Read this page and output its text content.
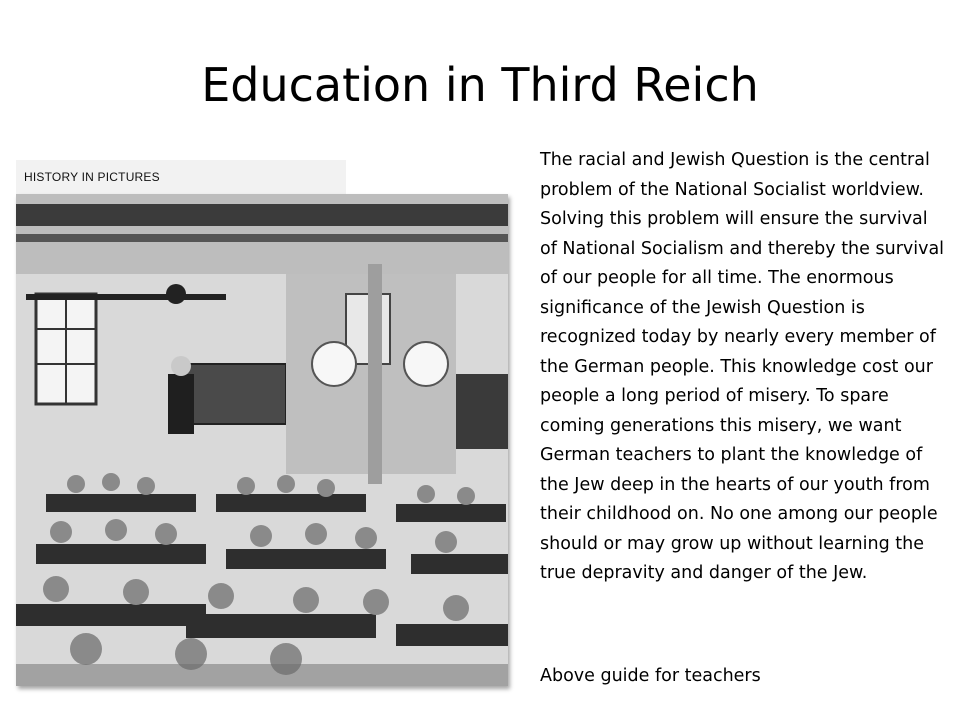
Education in Third Reich
HISTORY IN PICTURES
The racial and Jewish Question is the central problem of the National Socialist worldview. Solving this problem will ensure the survival of National Socialism and thereby the survival of our people for all time. The enormous significance of the Jewish Question is recognized today by nearly every member of the German people. This knowledge cost our people a long period of misery. To spare coming generations this misery, we want German teachers to plant the knowledge of the Jew deep in the hearts of our youth from their childhood on. No one among our people should or may grow up without learning the true depravity and danger of the Jew.
Above guide for teachers
